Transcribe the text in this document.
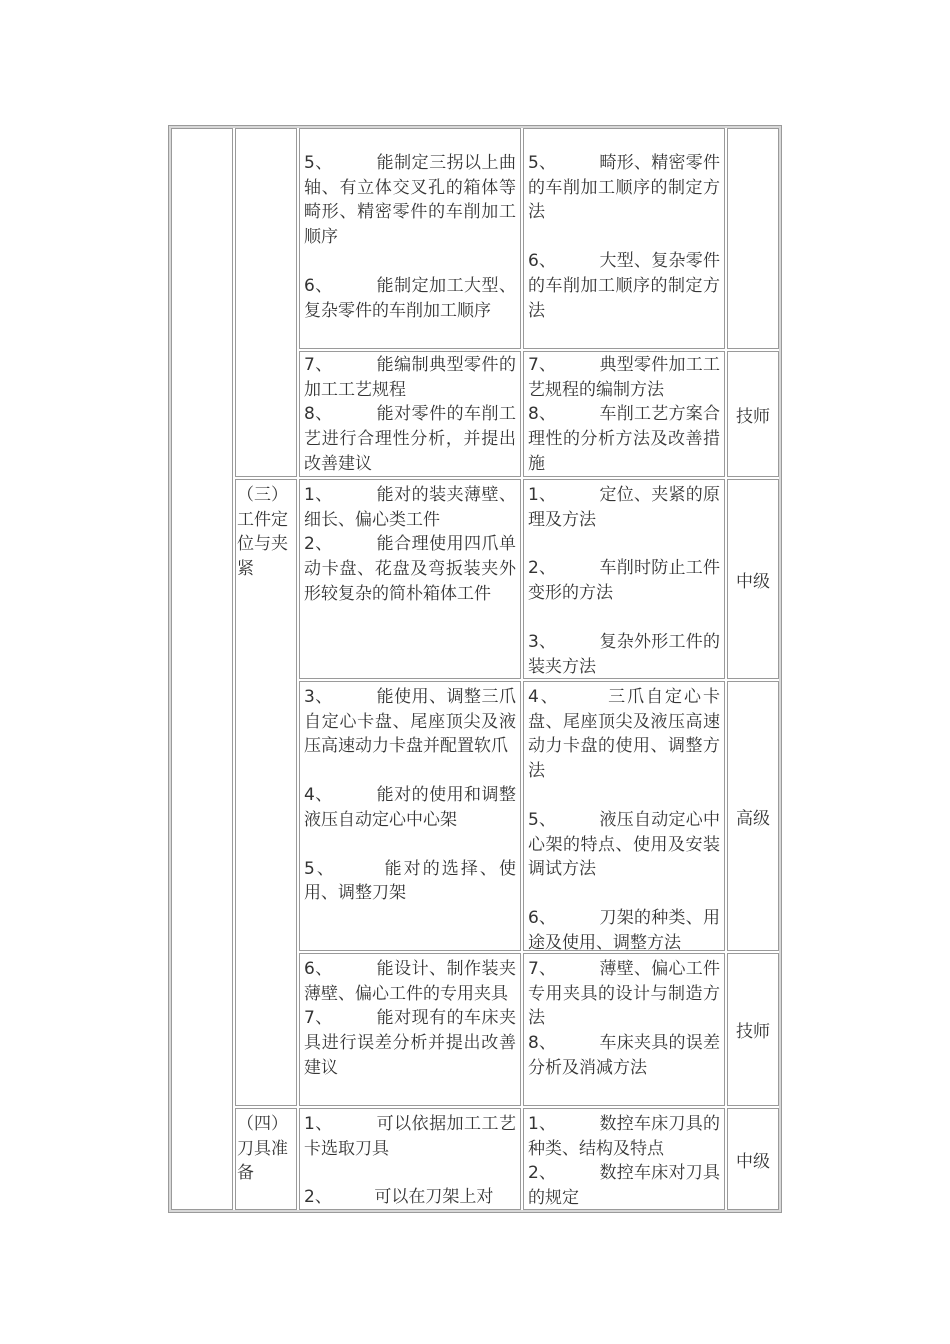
5、　　　能制定三拐以上曲轴、有立体交叉孔的箱体等畸形、精密零件的车削加工顺序
6、　　　能制定加工大型、复杂零件的车削加工顺序
5、　　　畸形、精密零件的车削加工顺序的制定方法
6、　　　大型、复杂零件的车削加工顺序的制定方法
7、　　　能编制典型零件的加工工艺规程
8、　　　能对零件的车削工艺进行合理性分析，并提出改善建议
7、　　　典型零件加工工艺规程的编制方法
8、　　　车削工艺方案合理性的分析方法及改善措施
技师
（三）工件定位与夹紧
1、　　　能对的装夹薄壁、细长、偏心类工件
2、　　　能合理使用四爪单动卡盘、花盘及弯扳装夹外形较复杂的简朴箱体工件
1、　　　定位、夹紧的原理及方法
2、　　　车削时防止工件变形的方法
3、　　　复杂外形工件的装夹方法
中级
3、　　　能使用、调整三爪自定心卡盘、尾座顶尖及液压高速动力卡盘并配置软爪
4、　　　能对的使用和调整液压自动定心中心架
5、　　　能对的选择、使用、调整刀架
4、　　　三爪自定心卡盘、尾座顶尖及液压高速动力卡盘的使用、调整方法
5、　　　液压自动定心中心架的特点、使用及安装调试方法
6、　　　刀架的种类、用途及使用、调整方法
高级
6、　　　能设计、制作装夹薄壁、偏心工件的专用夹具
7、　　　能对现有的车床夹具进行误差分析并提出改善建议
7、　　　薄壁、偏心工件专用夹具的设计与制造方法
8、　　　车床夹具的误差分析及消减方法
技师
（四）刀具准备
1、　　　可以依据加工工艺卡选取刀具
2、　　　可以在刀架上对
1、　　　数控车床刀具的种类、结构及特点
2、　　　数控车床对刀具的规定
中级
